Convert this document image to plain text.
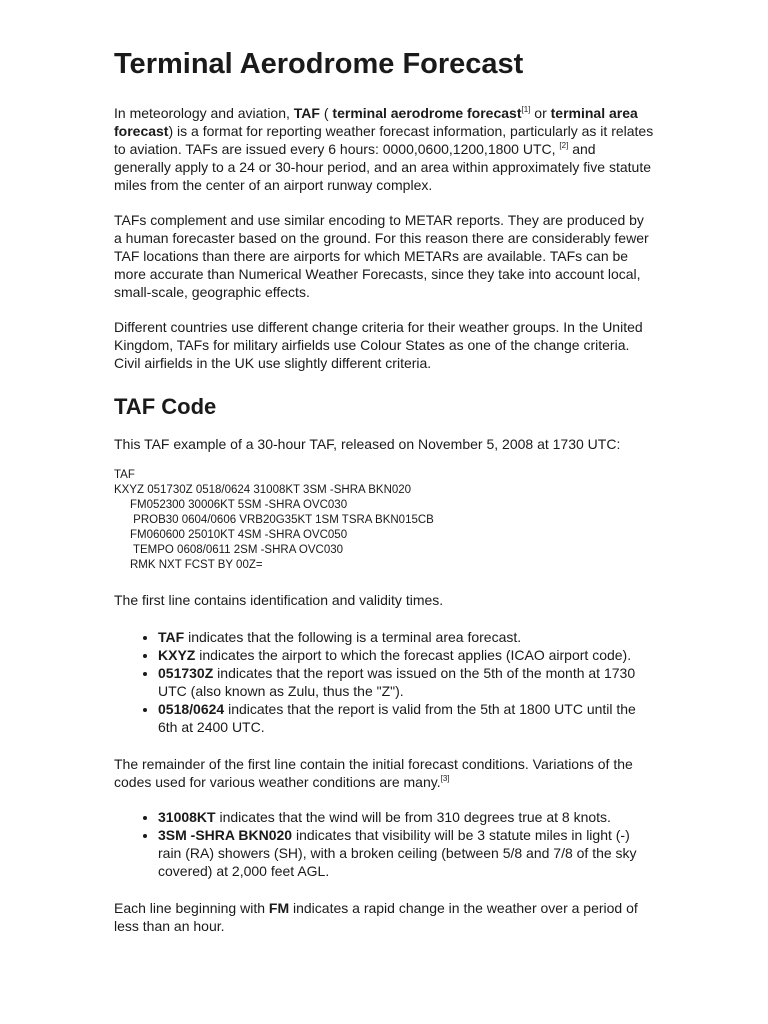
Terminal Aerodrome Forecast

In meteorology and aviation, TAF ( terminal aerodrome forecast[1] or terminal area forecast) is a format for reporting weather forecast information, particularly as it relates to aviation. TAFs are issued every 6 hours: 0000,0600,1200,1800 UTC, [2] and generally apply to a 24 or 30-hour period, and an area within approximately five statute miles from the center of an airport runway complex.

TAFs complement and use similar encoding to METAR reports. They are produced by a human forecaster based on the ground. For this reason there are considerably fewer TAF locations than there are airports for which METARs are available. TAFs can be more accurate than Numerical Weather Forecasts, since they take into account local, small-scale, geographic effects.

Different countries use different change criteria for their weather groups. In the United Kingdom, TAFs for military airfields use Colour States as one of the change criteria. Civil airfields in the UK use slightly different criteria.

TAF Code

This TAF example of a 30-hour TAF, released on November 5, 2008 at 1730 UTC:

TAF
KXYZ 051730Z 0518/0624 31008KT 3SM -SHRA BKN020
FM052300 30006KT 5SM -SHRA OVC030
PROB30 0604/0606 VRB20G35KT 1SM TSRA BKN015CB
FM060600 25010KT 4SM -SHRA OVC050
TEMPO 0608/0611 2SM -SHRA OVC030
RMK NXT FCST BY 00Z=

The first line contains identification and validity times.

• TAF indicates that the following is a terminal area forecast.
• KXYZ indicates the airport to which the forecast applies (ICAO airport code).
• 051730Z indicates that the report was issued on the 5th of the month at 1730 UTC (also known as Zulu, thus the "Z").
• 0518/0624 indicates that the report is valid from the 5th at 1800 UTC until the 6th at 2400 UTC.

The remainder of the first line contain the initial forecast conditions. Variations of the codes used for various weather conditions are many.[3]

• 31008KT indicates that the wind will be from 310 degrees true at 8 knots.
• 3SM -SHRA BKN020 indicates that visibility will be 3 statute miles in light (-) rain (RA) showers (SH), with a broken ceiling (between 5/8 and 7/8 of the sky covered) at 2,000 feet AGL.

Each line beginning with FM indicates a rapid change in the weather over a period of less than an hour.
